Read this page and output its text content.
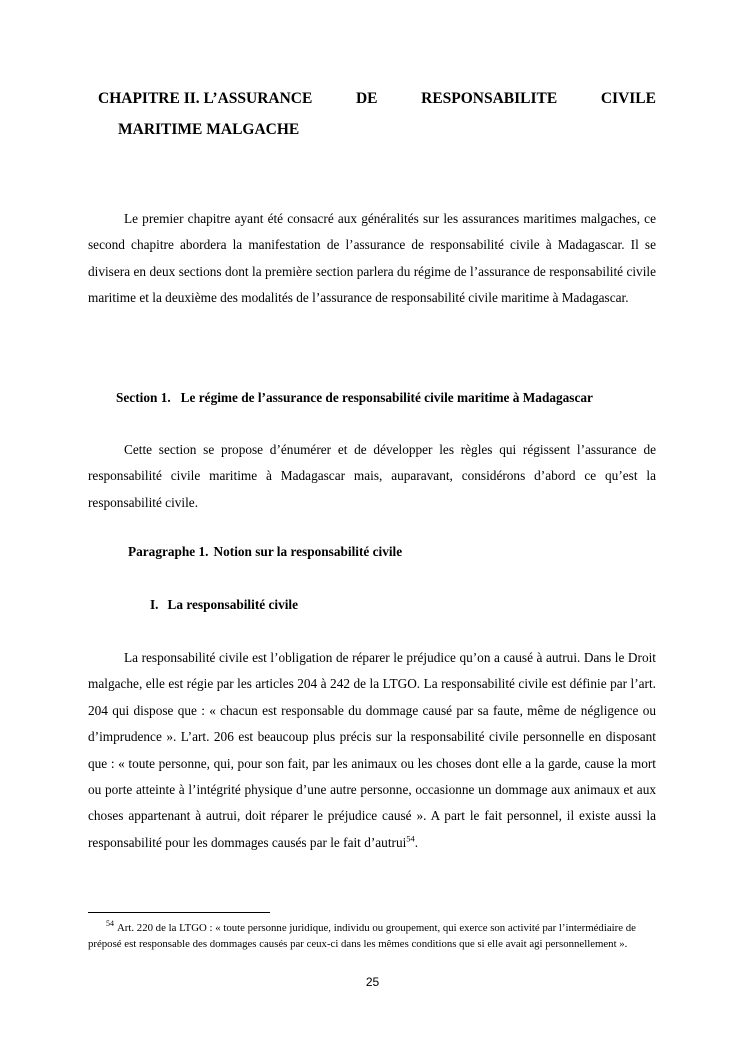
CHAPITRE II. L’ASSURANCE	DE	RESPONSABILITE	CIVILE
MARITIME MALGACHE

Le premier chapitre ayant été consacré aux généralités sur les assurances maritimes malgaches, ce second chapitre abordera la manifestation de l’assurance de responsabilité civile à Madagascar. Il se divisera en deux sections dont la première section parlera du régime de l’assurance de responsabilité civile maritime et la deuxième des modalités de l’assurance de responsabilité civile maritime à Madagascar.

Section 1. Le régime de l’assurance de responsabilité civile maritime à Madagascar

Cette section se propose d’énumérer et de développer les règles qui régissent l’assurance de responsabilité civile maritime à Madagascar mais, auparavant, considérons d’abord ce qu’est la responsabilité civile.

Paragraphe 1. Notion sur la responsabilité civile
I. La responsabilité civile

La responsabilité civile est l’obligation de réparer le préjudice qu’on a causé à autrui. Dans le Droit malgache, elle est régie par les articles 204 à 242 de la LTGO. La responsabilité civile est définie par l’art. 204 qui dispose que : « chacun est responsable du dommage causé par sa faute, même de négligence ou d’imprudence ». L’art. 206 est beaucoup plus précis sur la responsabilité civile personnelle en disposant que : « toute personne, qui, pour son fait, par les animaux ou les choses dont elle a la garde, cause la mort ou porte atteinte à l’intégrité physique d’une autre personne, occasionne un dommage aux animaux et aux choses appartenant à autrui, doit réparer le préjudice causé ». A part le fait personnel, il existe aussi la responsabilité pour les dommages causés par le fait d’autrui$^{54}$.

$^{54}$ Art. 220 de la LTGO : « toute personne juridique, individu ou groupement, qui exerce son activité par l’intermédiaire de préposé est responsable des dommages causés par ceux-ci dans les mêmes conditions que si elle avait agi personnellement ».
25
